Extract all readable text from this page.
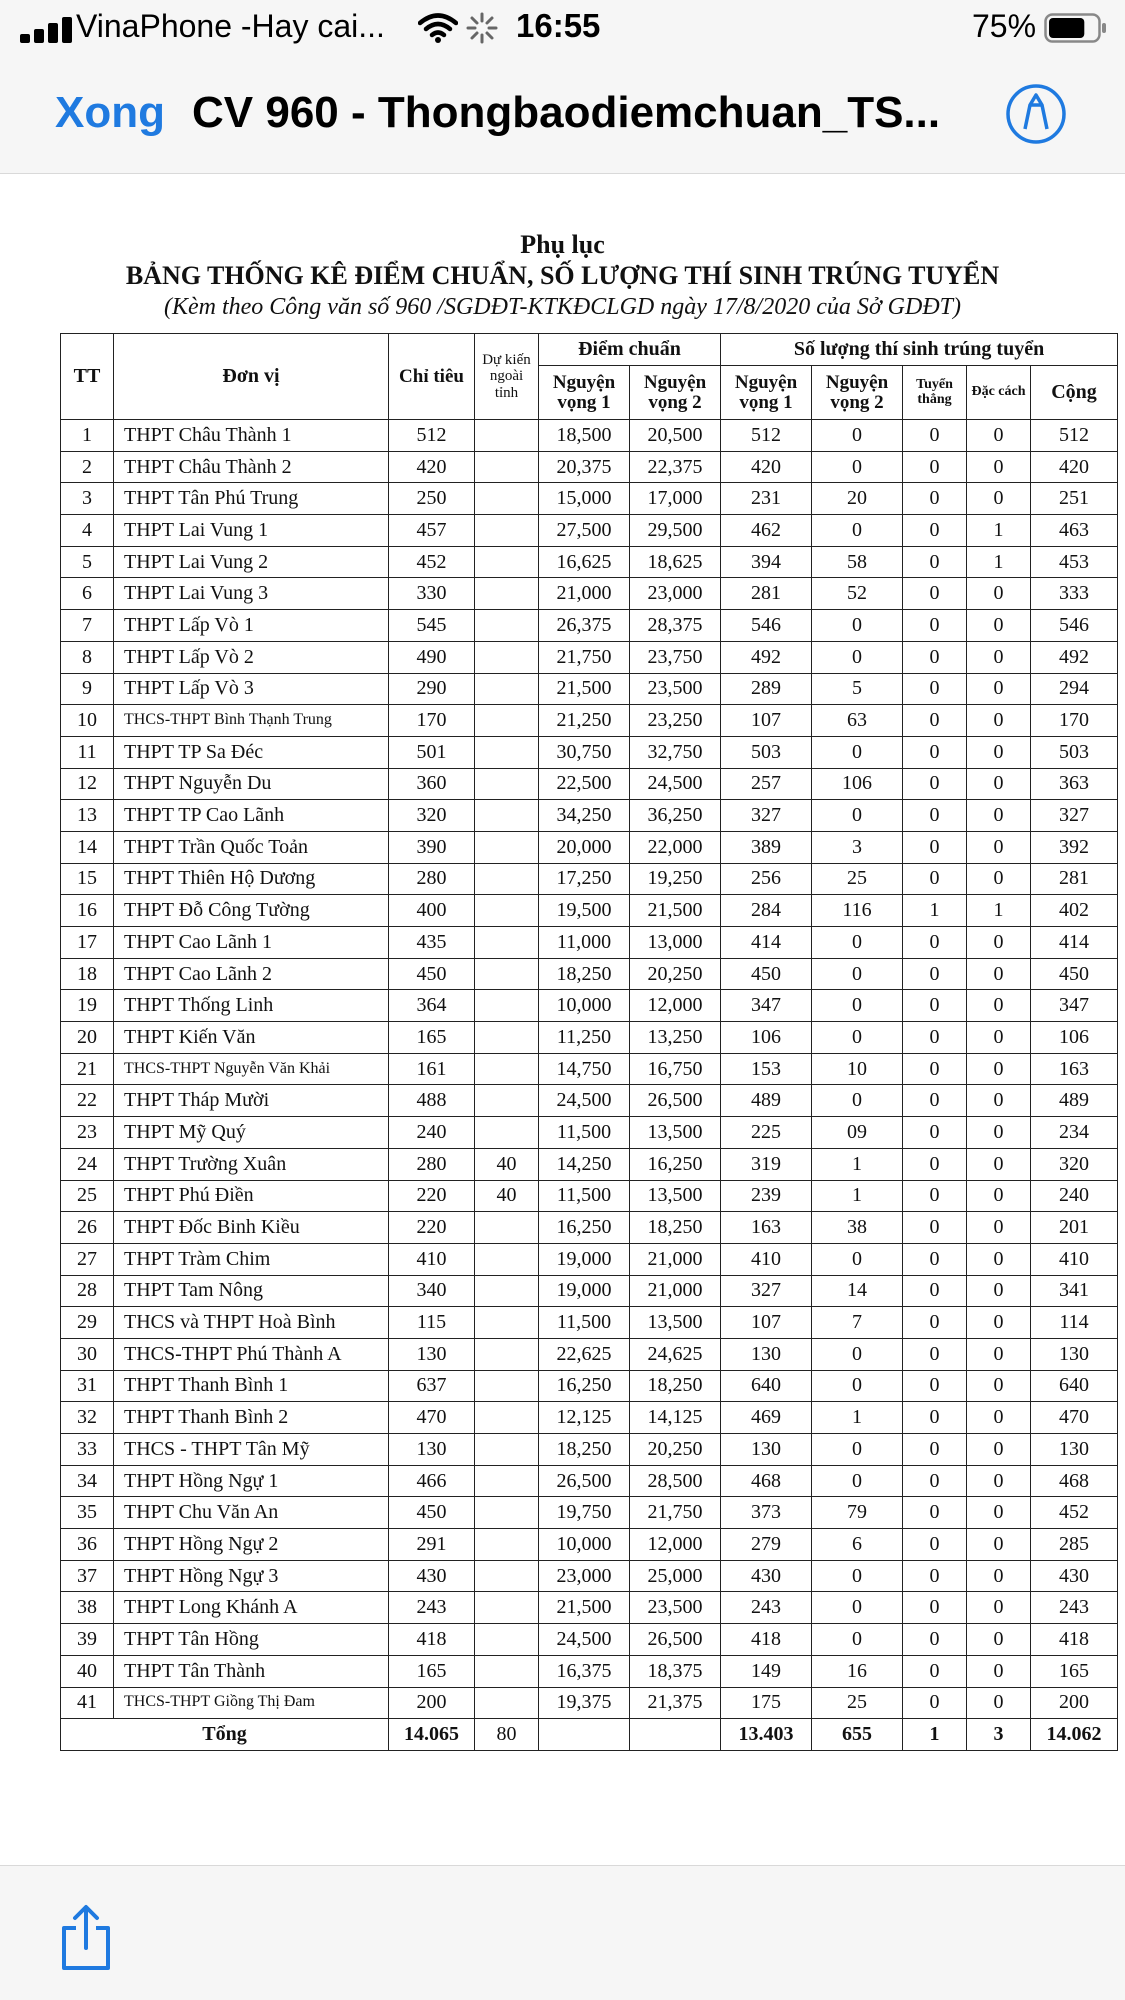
VinaPhone -Hay cai...	16:55	75%
Xong CV 960 - Thongbaodiemchuan_TS...
Phụ lục
BẢNG THỐNG KÊ ĐIỂM CHUẨN, SỐ LƯỢNG THÍ SINH TRÚNG TUYỂN
(Kèm theo Công văn số 960 /SGDĐT-KTKĐCLGD ngày 17/8/2020 của Sở GDĐT)
TT	Đơn vị	Chỉ tiêu	Dự kiến ngoài tỉnh	Điểm chuẩn		Số lượng thí sinh trúng tuyển				
				Nguyện vọng 1	Nguyện vọng 2	Nguyện vọng 1	Nguyện vọng 2	Tuyển thẳng	Đặc cách	Cộng
1	THPT Châu Thành 1	512		18,500	20,500	512	0	0	0	512
2	THPT Châu Thành 2	420		20,375	22,375	420	0	0	0	420
3	THPT Tân Phú Trung	250		15,000	17,000	231	20	0	0	251
4	THPT Lai Vung 1	457		27,500	29,500	462	0	0	1	463
5	THPT Lai Vung 2	452		16,625	18,625	394	58	0	1	453
6	THPT Lai Vung 3	330		21,000	23,000	281	52	0	0	333
7	THPT Lấp Vò 1	545		26,375	28,375	546	0	0	0	546
8	THPT Lấp Vò 2	490		21,750	23,750	492	0	0	0	492
9	THPT Lấp Vò 3	290		21,500	23,500	289	5	0	0	294
10	THCS-THPT Bình Thạnh Trung	170		21,250	23,250	107	63	0	0	170
11	THPT TP Sa Đéc	501		30,750	32,750	503	0	0	0	503
12	THPT Nguyễn Du	360		22,500	24,500	257	106	0	0	363
13	THPT TP Cao Lãnh	320		34,250	36,250	327	0	0	0	327
14	THPT Trần Quốc Toản	390		20,000	22,000	389	3	0	0	392
15	THPT Thiên Hộ Dương	280		17,250	19,250	256	25	0	0	281
16	THPT Đỗ Công Tường	400		19,500	21,500	284	116	1	1	402
17	THPT Cao Lãnh 1	435		11,000	13,000	414	0	0	0	414
18	THPT Cao Lãnh 2	450		18,250	20,250	450	0	0	0	450
19	THPT Thống Linh	364		10,000	12,000	347	0	0	0	347
20	THPT Kiến Văn	165		11,250	13,250	106	0	0	0	106
21	THCS-THPT Nguyễn Văn Khải	161		14,750	16,750	153	10	0	0	163
22	THPT Tháp Mười	488		24,500	26,500	489	0	0	0	489
23	THPT Mỹ Quý	240		11,500	13,500	225	09	0	0	234
24	THPT Trường Xuân	280	40	14,250	16,250	319	1	0	0	320
25	THPT Phú Điền	220	40	11,500	13,500	239	1	0	0	240
26	THPT Đốc Binh Kiều	220		16,250	18,250	163	38	0	0	201
27	THPT Tràm Chim	410		19,000	21,000	410	0	0	0	410
28	THPT Tam Nông	340		19,000	21,000	327	14	0	0	341
29	THCS và THPT Hoà Bình	115		11,500	13,500	107	7	0	0	114
30	THCS-THPT Phú Thành A	130		22,625	24,625	130	0	0	0	130
31	THPT Thanh Bình 1	637		16,250	18,250	640	0	0	0	640
32	THPT Thanh Bình 2	470		12,125	14,125	469	1	0	0	470
33	THCS - THPT Tân Mỹ	130		18,250	20,250	130	0	0	0	130
34	THPT Hồng Ngự 1	466		26,500	28,500	468	0	0	0	468
35	THPT Chu Văn An	450		19,750	21,750	373	79	0	0	452
36	THPT Hồng Ngự 2	291		10,000	12,000	279	6	0	0	285
37	THPT Hồng Ngự 3	430		23,000	25,000	430	0	0	0	430
38	THPT Long Khánh A	243		21,500	23,500	243	0	0	0	243
39	THPT Tân Hồng	418		24,500	26,500	418	0	0	0	418
40	THPT Tân Thành	165		16,375	18,375	149	16	0	0	165
41	THCS-THPT Giồng Thị Đam	200		19,375	21,375	175	25	0	0	200
Tổng		14.065	80			13.403	655	1	3	14.062
